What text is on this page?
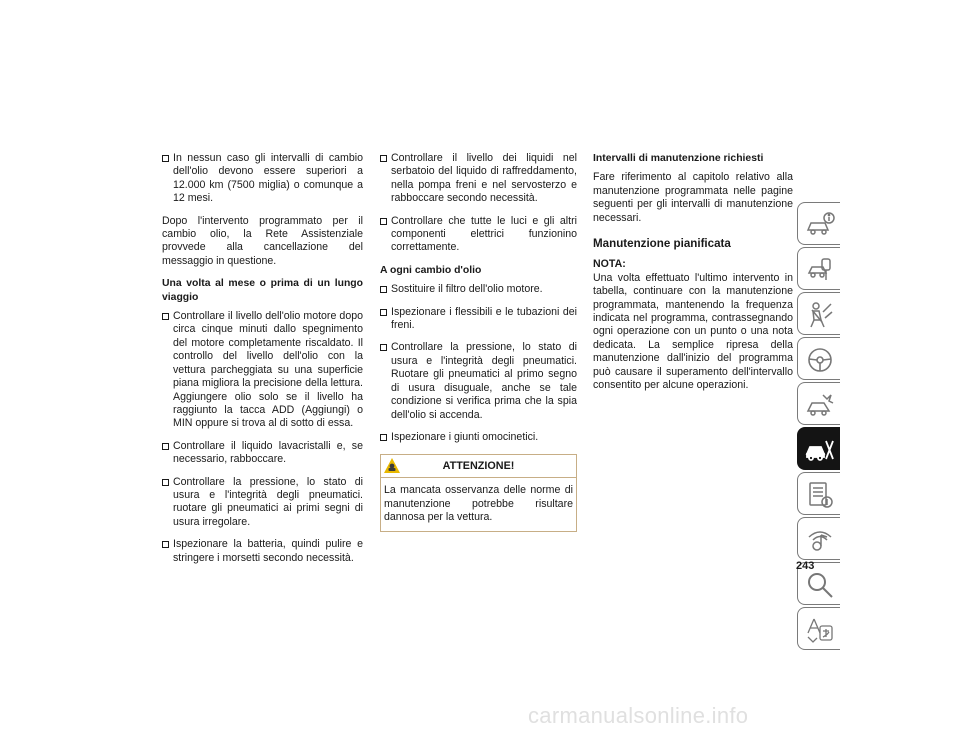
In nessun caso gli intervalli di cambio dell'olio devono essere superiori a 12.000 km (7500 miglia) o comunque a 12 mesi.

Dopo l'intervento programmato per il cambio olio, la Rete Assistenziale provvede alla cancellazione del messaggio in questione.

Una volta al mese o prima di un lungo viaggio

Controllare il livello dell'olio motore dopo circa cinque minuti dallo spegnimento del motore completamente riscaldato. Il controllo del livello dell'olio con la vettura parcheggiata su una superficie piana migliora la precisione della lettura. Aggiungere olio solo se il livello ha raggiunto la tacca ADD (Aggiungi) o MIN oppure si trova al di sotto di essa.
Controllare il liquido lavacristalli e, se necessario, rabboccare.
Controllare la pressione, lo stato di usura e l'integrità degli pneumatici. ruotare gli pneumatici ai primi segni di usura irregolare.
Ispezionare la batteria, quindi pulire e stringere i morsetti secondo necessità.
Controllare il livello dei liquidi nel serbatoio del liquido di raffreddamento, nella pompa freni e nel servosterzo e rabboccare secondo necessità.
Controllare che tutte le luci e gli altri componenti elettrici funzionino correttamente.

A ogni cambio d'olio

Sostituire il filtro dell'olio motore.
Ispezionare i flessibili e le tubazioni dei freni.
Controllare la pressione, lo stato di usura e l'integrità degli pneumatici. Ruotare gli pneumatici al primo segno di usura disuguale, anche se tale condizione si verifica prima che la spia dell'olio si accenda.
Ispezionare i giunti omocinetici.
ATTENZIONE!
La mancata osservanza delle norme di manutenzione potrebbe risultare dannosa per la vettura.

Intervalli di manutenzione richiesti

Fare riferimento al capitolo relativo alla manutenzione programmata nelle pagine seguenti per gli intervalli di manutenzione necessari.

Manutenzione pianificata

NOTA:
Una volta effettuato l'ultimo intervento in tabella, continuare con la manutenzione programmata, mantenendo la frequenza indicata nel programma, contrassegnando ogni operazione con un punto o una nota dedicata. La semplice ripresa della manutenzione dall'inizio del programma può causare il superamento dell'intervallo consentito per alcune operazioni.

243
carmanualsonline.info
